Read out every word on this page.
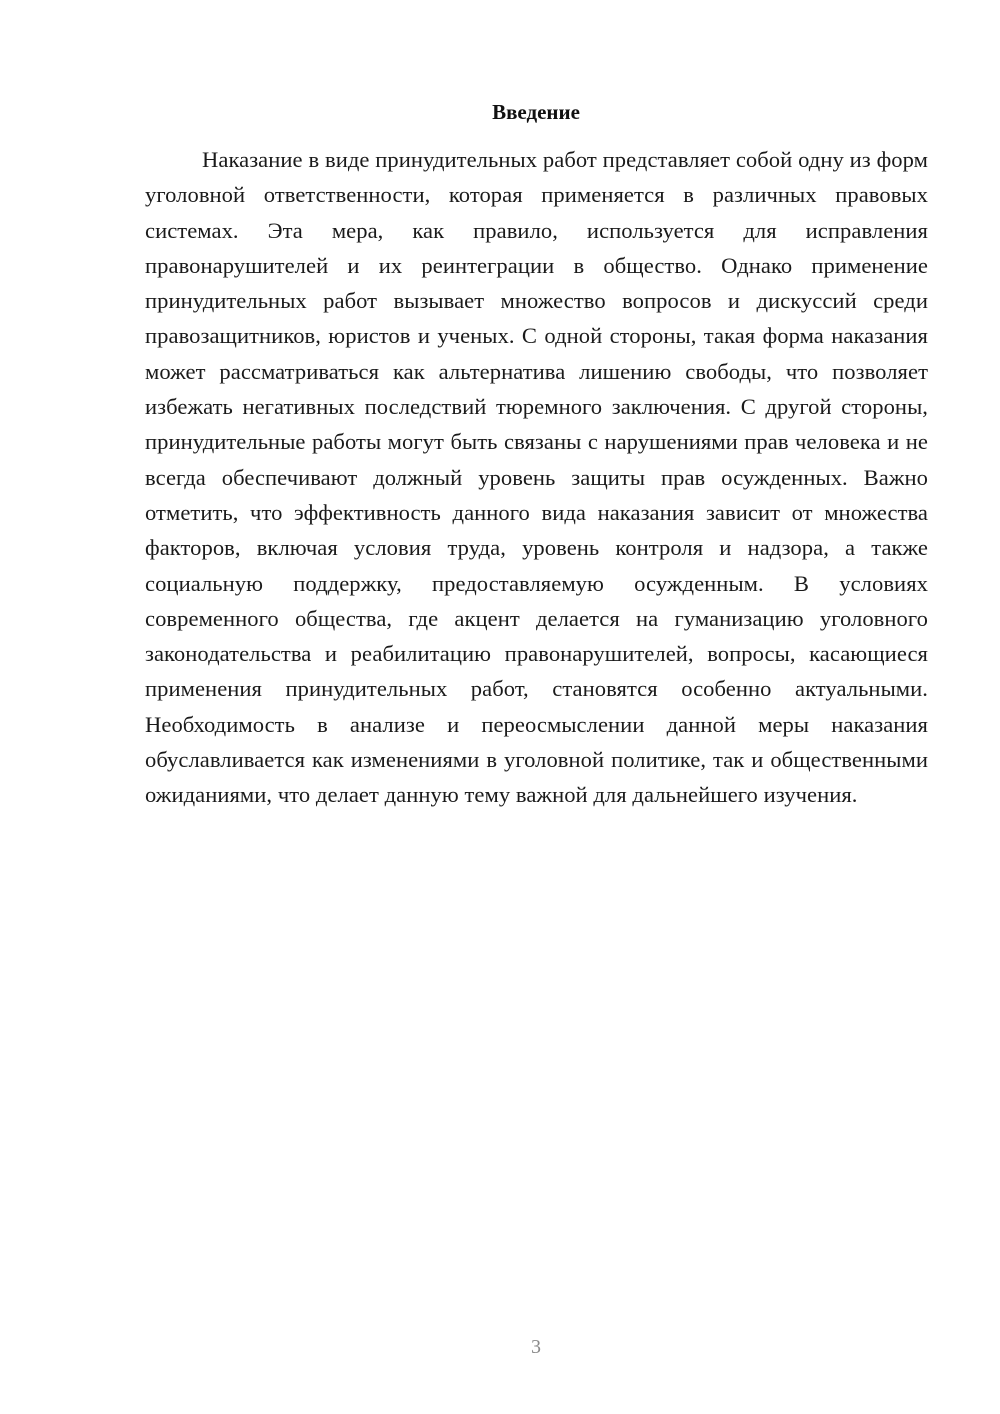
Введение

Наказание в виде принудительных работ представляет собой одну из форм уголовной ответственности, которая применяется в различных правовых системах. Эта мера, как правило, используется для исправления правонарушителей и их реинтеграции в общество. Однако применение принудительных работ вызывает множество вопросов и дискуссий среди правозащитников, юристов и ученых. С одной стороны, такая форма наказания может рассматриваться как альтернатива лишению свободы, что позволяет избежать негативных последствий тюремного заключения. С другой стороны, принудительные работы могут быть связаны с нарушениями прав человека и не всегда обеспечивают должный уровень защиты прав осужденных. Важно отметить, что эффективность данного вида наказания зависит от множества факторов, включая условия труда, уровень контроля и надзора, а также социальную поддержку, предоставляемую осужденным. В условиях современного общества, где акцент делается на гуманизацию уголовного законодательства и реабилитацию правонарушителей, вопросы, касающиеся применения принудительных работ, становятся особенно актуальными. Необходимость в анализе и переосмыслении данной меры наказания обуславливается как изменениями в уголовной политике, так и общественными ожиданиями, что делает данную тему важной для дальнейшего изучения.

3
